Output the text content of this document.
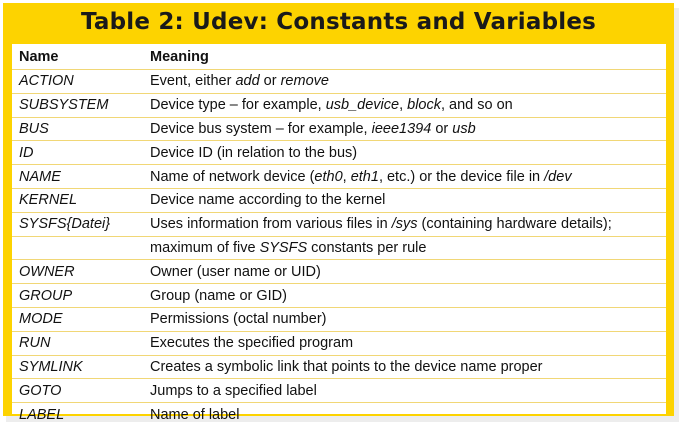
Table 2: Udev: Constants and Variables
Name	Meaning
ACTION	Event, either add or remove
SUBSYSTEM	Device type – for example, usb_device, block, and so on
BUS	Device bus system – for example, ieee1394 or usb
ID	Device ID (in relation to the bus)
NAME	Name of network device (eth0, eth1, etc.) or the device file in /dev
KERNEL	Device name according to the kernel
SYSFS{Datei}	Uses information from various files in /sys (containing hardware details);
	maximum of five SYSFS constants per rule
OWNER	Owner (user name or UID)
GROUP	Group (name or GID)
MODE	Permissions (octal number)
RUN	Executes the specified program
SYMLINK	Creates a symbolic link that points to the device name proper
GOTO	Jumps to a specified label
LABEL	Name of label
